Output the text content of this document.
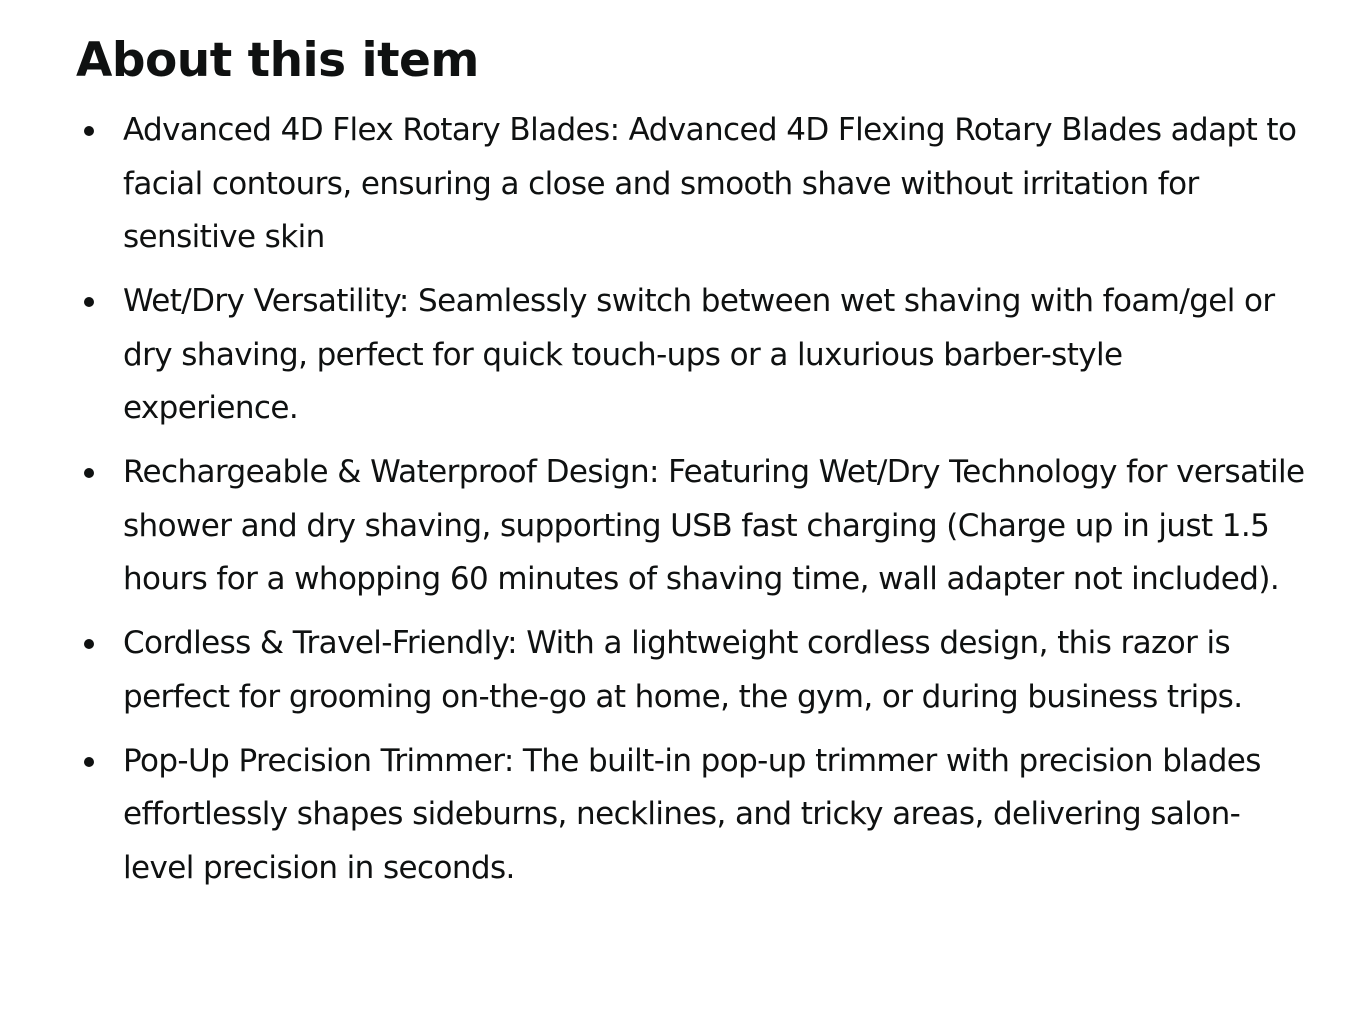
About this item
Advanced 4D Flex Rotary Blades: Advanced 4D Flexing Rotary Blades adapt to facial contours, ensuring a close and smooth shave without irritation for sensitive skin
Wet/Dry Versatility: Seamlessly switch between wet shaving with foam/gel or dry shaving, perfect for quick touch-ups or a luxurious barber-style experience.
Rechargeable & Waterproof Design: Featuring Wet/Dry Technology for versatile shower and dry shaving, supporting USB fast charging (Charge up in just 1.5 hours for a whopping 60 minutes of shaving time, wall adapter not included).
Cordless & Travel-Friendly: With a lightweight cordless design, this razor is perfect for grooming on-the-go at home, the gym, or during business trips.
Pop-Up Precision Trimmer: The built-in pop-up trimmer with precision blades effortlessly shapes sideburns, necklines, and tricky areas, delivering salon-level precision in seconds.
